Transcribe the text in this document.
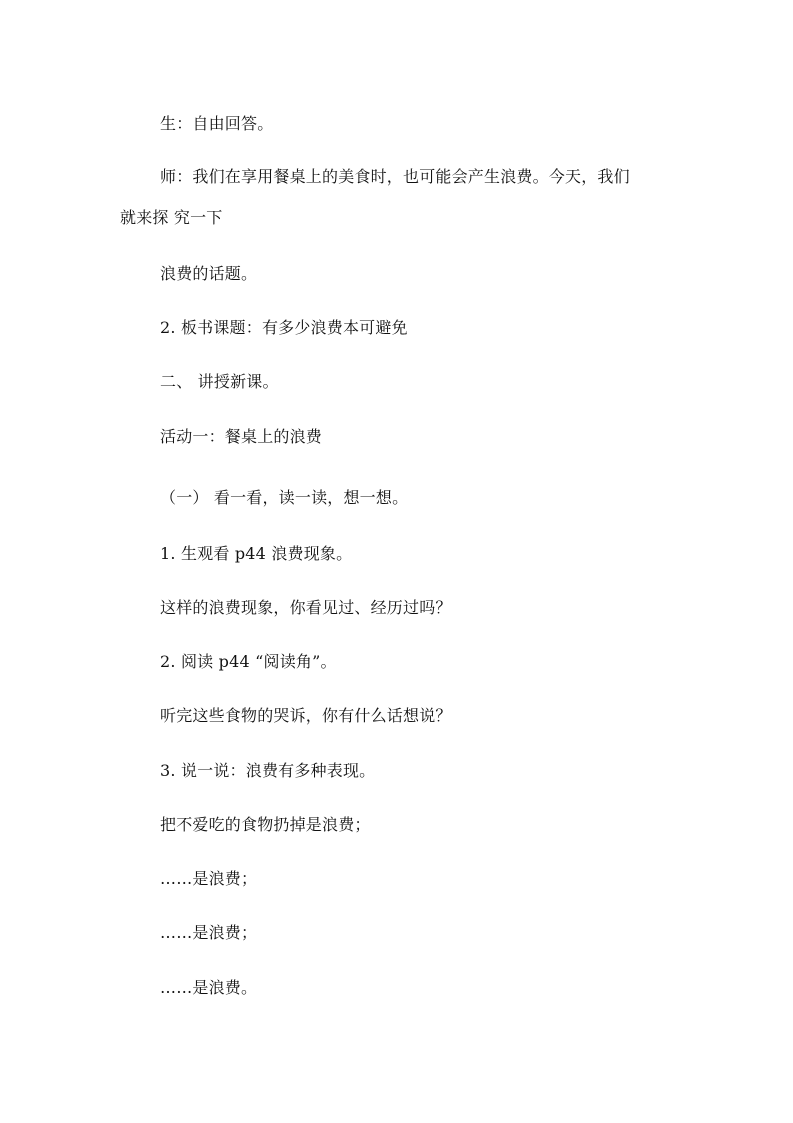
生：自由回答。
师：我们在享用餐桌上的美食时，也可能会产生浪费。今天，我们
就来探 究一下
浪费的话题。
2. 板书课题：有多少浪费本可避免
二、 讲授新课。
活动一：餐桌上的浪费
（一） 看一看，读一读，想一想。
1. 生观看 p44 浪费现象。
这样的浪费现象，你看见过、经历过吗？
2. 阅读 p44 “阅读角”。
听完这些食物的哭诉，你有什么话想说？
3. 说一说：浪费有多种表现。
把不爱吃的食物扔掉是浪费；
……是浪费；
……是浪费；
……是浪费。
